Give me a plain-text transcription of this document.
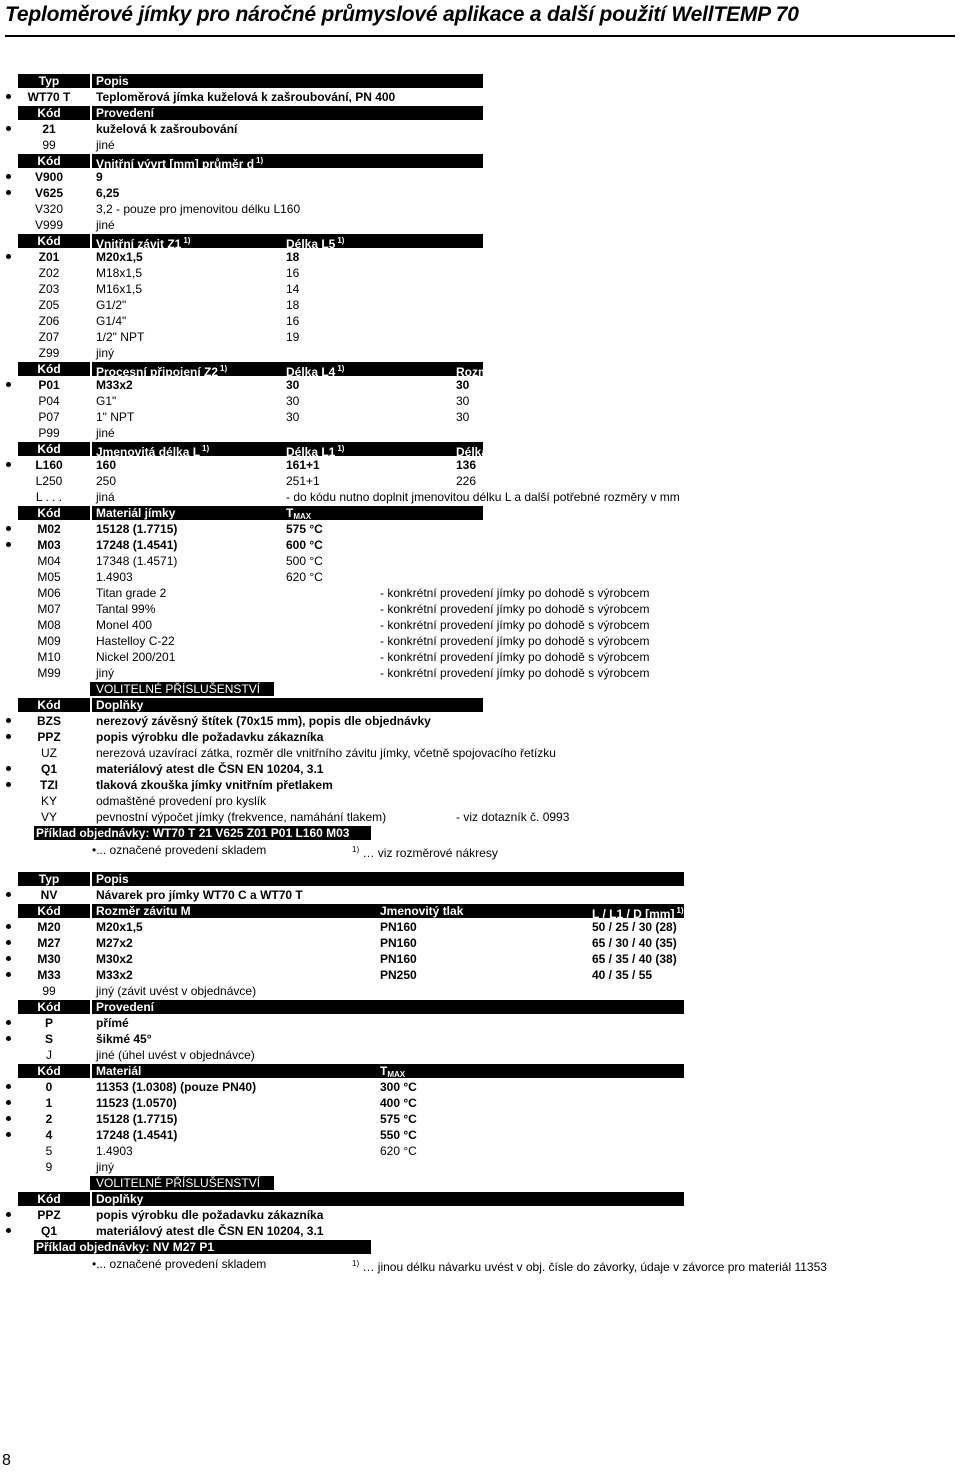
Teploměrové jímky pro náročné průmyslové aplikace a další použití WellTEMP 70
Typ	Popis
WT70 T	Teploměrová jímka kuželová k zašroubování, PN 400
Kód	Provedení
21	kuželová k zašroubování
99	jiné
Kód	Vnitřní vývrt [mm] průměr d $^{1)}$
V900	9
V625	6,25
V320	3,2 - pouze pro jmenovitou délku L160
V999	jiné
Kód	Vnitřní závit Z1 $^{1)}$	Délka L5 $^{1)}$
Z01	M20x1,5	18
Z02	M18x1,5	16
Z03	M16x1,5	14
Z05	G1/2"	18
Z06	G1/4"	16
Z07	1/2" NPT	19
Z99	jiný
Kód	Procesní připojení Z2 $^{1)}$	Délka L4 $^{1)}$	Rozměr klíče SW $^{1)}$
P01	M33x2	30	30
P04	G1"	30	30
P07	1" NPT	30	30
P99	jiné
Kód	Jmenovitá délka L $^{1)}$	Délka L1 $^{1)}$	Délka L2 $^{1)}$
L160	160	161+1	136
L250	250	251+1	226
L . . .	jiná	- do kódu nutno doplnit jmenovitou délku L a další potřebné rozměry v mm
Kód	Materiál jímky	$T_{MAX}$
M02	15128 (1.7715)	575 °C
M03	17248 (1.4541)	600 °C
M04	17348 (1.4571)	500 °C
M05	1.4903	620 °C
M06	Titan grade 2	- konkrétní provedení jímky po dohodě s výrobcem
M07	Tantal 99%	- konkrétní provedení jímky po dohodě s výrobcem
M08	Monel 400	- konkrétní provedení jímky po dohodě s výrobcem
M09	Hastelloy C-22	- konkrétní provedení jímky po dohodě s výrobcem
M10	Nickel 200/201	- konkrétní provedení jímky po dohodě s výrobcem
M99	jiný	- konkrétní provedení jímky po dohodě s výrobcem
VOLITELNÉ PŘÍSLUŠENSTVÍ
Kód	Doplňky
BZS	nerezový závěsný štítek (70x15 mm), popis dle objednávky
PPZ	popis výrobku dle požadavku zákazníka
UZ	nerezová uzavírací zátka, rozměr dle vnitřního závitu jímky, včetně spojovacího řetízku
Q1	materiálový atest dle ČSN EN 10204, 3.1
TZI	tlaková zkouška jímky vnitřním přetlakem
KY	odmaštěné provedení pro kyslík
VY	pevnostní výpočet jímky (frekvence, namáhání tlakem)	- viz dotazník č. 0993
Příklad objednávky: WT70 T 21 V625 Z01 P01 L160 M03
•... označené provedení skladem	$^{1)}$ … viz rozměrové nákresy
Typ	Popis
NV	Návarek pro jímky WT70 C a WT70 T
Kód	Rozměr závitu M	Jmenovitý tlak	L / L1 / D [mm] $^{1)}$
M20	M20x1,5	PN160	50 / 25 / 30 (28)
M27	M27x2	PN160	65 / 30 / 40 (35)
M30	M30x2	PN160	65 / 35 / 40 (38)
M33	M33x2	PN250	40 / 35 / 55
99	jiný (závit uvést v objednávce)
Kód	Provedení
P	přímé
S	šikmé 45°
J	jiné (úhel uvést v objednávce)
Kód	Materiál	$T_{MAX}$
0	11353 (1.0308) (pouze PN40)	300 °C
1	11523 (1.0570)	400 °C
2	15128 (1.7715)	575 °C
4	17248 (1.4541)	550 °C
5	1.4903	620 °C
9	jiný
VOLITELNÉ PŘÍSLUŠENSTVÍ
Kód	Doplňky
PPZ	popis výrobku dle požadavku zákazníka
Q1	materiálový atest dle ČSN EN 10204, 3.1
Příklad objednávky: NV M27 P1
•... označené provedení skladem	$^{1)}$ … jinou délku návarku uvést v obj. čísle do závorky, údaje v závorce pro materiál 11353
8
